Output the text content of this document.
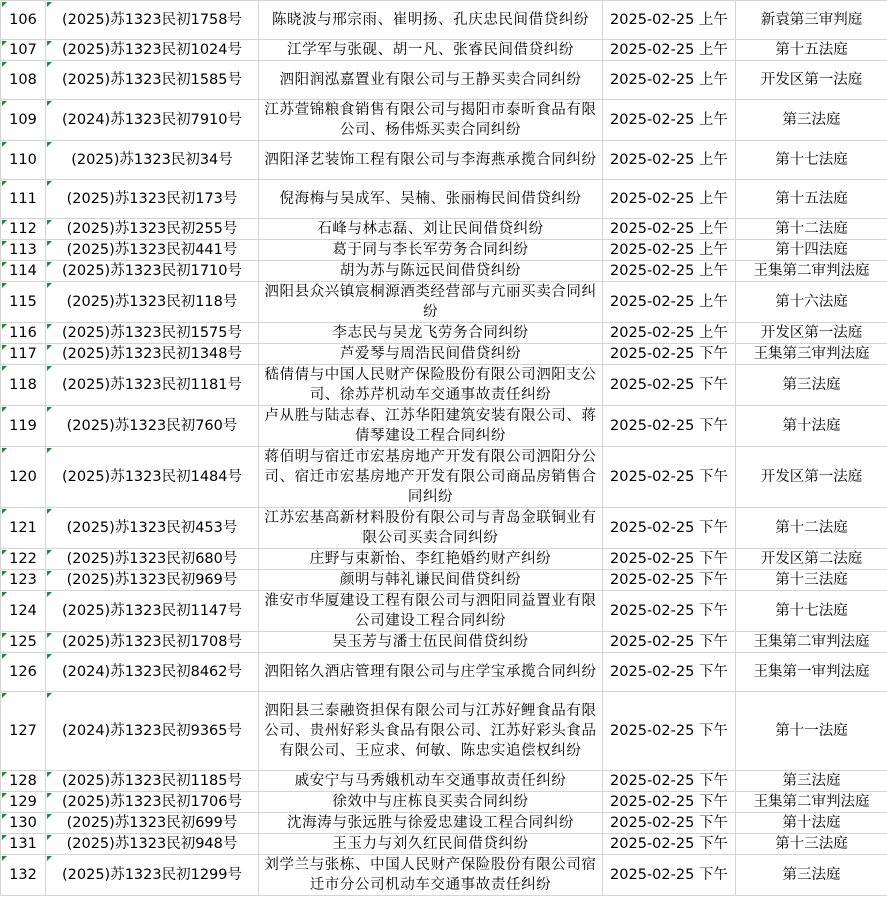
106	(2025)苏1323民初1758号	陈晓波与邢宗雨、崔明扬、孔庆忠民间借贷纠纷	2025-02-25 上午	新袁第三审判庭
107	(2025)苏1323民初1024号	江学军与张砚、胡一凡、张睿民间借贷纠纷	2025-02-25 上午	第十五法庭
108	(2025)苏1323民初1585号	泗阳润泓嘉置业有限公司与王静买卖合同纠纷	2025-02-25 上午	开发区第一法庭
109	(2024)苏1323民初7910号	江苏萱锦粮食销售有限公司与揭阳市泰昕食品有限公司、杨伟烁买卖合同纠纷	2025-02-25 上午	第三法庭
110	(2025)苏1323民初34号	泗阳泽艺装饰工程有限公司与李海燕承揽合同纠纷	2025-02-25 上午	第十七法庭
111	(2025)苏1323民初173号	倪海梅与吴成军、吴楠、张丽梅民间借贷纠纷	2025-02-25 上午	第十五法庭
112	(2025)苏1323民初255号	石峰与林志磊、刘让民间借贷纠纷	2025-02-25 上午	第十二法庭
113	(2025)苏1323民初441号	葛于同与李长军劳务合同纠纷	2025-02-25 上午	第十四法庭
114	(2025)苏1323民初1710号	胡为苏与陈远民间借贷纠纷	2025-02-25 上午	王集第二审判法庭
115	(2025)苏1323民初118号	泗阳县众兴镇宸桐源酒类经营部与亢丽买卖合同纠纷	2025-02-25 上午	第十六法庭
116	(2025)苏1323民初1575号	李志民与吴龙飞劳务合同纠纷	2025-02-25 上午	开发区第一法庭
117	(2025)苏1323民初1348号	芦爱琴与周浩民间借贷纠纷	2025-02-25 下午	王集第三审判法庭
118	(2025)苏1323民初1181号	嵇倩倩与中国人民财产保险股份有限公司泗阳支公司、徐苏芹机动车交通事故责任纠纷	2025-02-25 下午	第三法庭
119	(2025)苏1323民初760号	卢从胜与陆志春、江苏华阳建筑安装有限公司、蒋倩琴建设工程合同纠纷	2025-02-25 下午	第十法庭
120	(2025)苏1323民初1484号	蒋佰明与宿迁市宏基房地产开发有限公司泗阳分公司、宿迁市宏基房地产开发有限公司商品房销售合同纠纷	2025-02-25 下午	开发区第一法庭
121	(2025)苏1323民初453号	江苏宏基高新材料股份有限公司与青岛金联铜业有限公司买卖合同纠纷	2025-02-25 下午	第十二法庭
122	(2025)苏1323民初680号	庄野与束新怡、李红艳婚约财产纠纷	2025-02-25 下午	开发区第二法庭
123	(2025)苏1323民初969号	颜明与韩礼谦民间借贷纠纷	2025-02-25 下午	第十三法庭
124	(2025)苏1323民初1147号	淮安市华厦建设工程有限公司与泗阳同益置业有限公司建设工程合同纠纷	2025-02-25 下午	第十七法庭
125	(2025)苏1323民初1708号	吴玉芳与潘士伍民间借贷纠纷	2025-02-25 下午	王集第二审判法庭
126	(2024)苏1323民初8462号	泗阳铭久酒店管理有限公司与庄学宝承揽合同纠纷	2025-02-25 下午	王集第一审判法庭
127	(2024)苏1323民初9365号	泗阳县三泰融资担保有限公司与江苏好鲤食品有限公司、贵州好彩头食品有限公司、江苏好彩头食品有限公司、王应求、何敏、陈忠实追偿权纠纷	2025-02-25 下午	第十一法庭
128	(2025)苏1323民初1185号	戚安宁与马秀娥机动车交通事故责任纠纷	2025-02-25 下午	第三法庭
129	(2025)苏1323民初1706号	徐效中与庄栋良买卖合同纠纷	2025-02-25 下午	王集第二审判法庭
130	(2025)苏1323民初699号	沈海涛与张远胜与徐爱忠建设工程合同纠纷	2025-02-25 下午	第十法庭
131	(2025)苏1323民初948号	王玉力与刘久红民间借贷纠纷	2025-02-25 下午	第十三法庭
132	(2025)苏1323民初1299号	刘学兰与张栋、中国人民财产保险股份有限公司宿迁市分公司机动车交通事故责任纠纷	2025-02-25 下午	第三法庭
